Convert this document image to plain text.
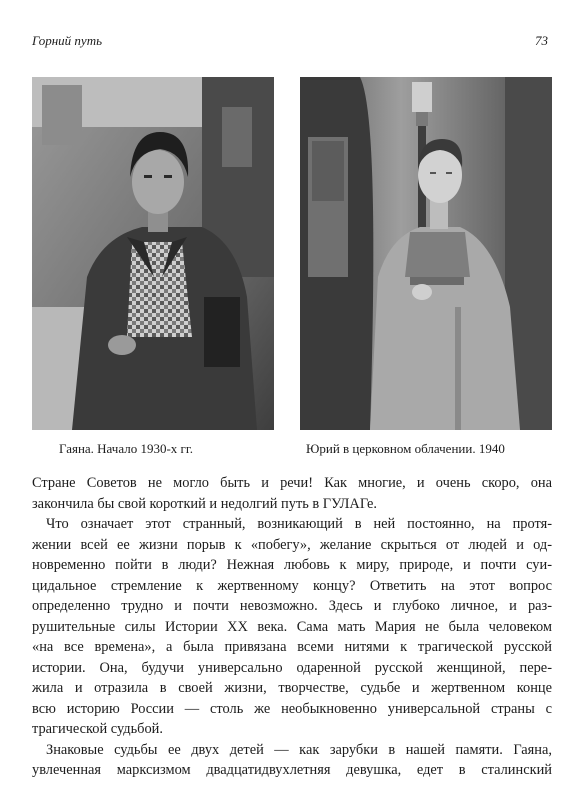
Горний путь	73
Гаяна. Начало 1930-х гг.	Юрий в церковном облачении. 1940
Стране Советов не могло быть и речи! Как многие, и очень скоро, она
закончила бы свой короткий и недолгий путь в ГУЛАГе.
Что означает этот странный, возникающий в ней постоянно, на протя-
жении всей ее жизни порыв к «побегу», желание скрыться от людей и од-
новременно пойти в люди? Нежная любовь к миру, природе, и почти суи-
цидальное стремление к жертвенному концу? Ответить на этот вопрос
определенно трудно и почти невозможно. Здесь и глубоко личное, и раз-
рушительные силы Истории XX века. Сама мать Мария не была человеком
«на все времена», а была привязана всеми нитями к трагической русской
истории. Она, будучи универсально одаренной русской женщиной, пере-
жила и отразила в своей жизни, творчестве, судьбе и жертвенном конце
всю историю России — столь же необыкновенно универсальной страны с
трагической судьбой.
Знаковые судьбы ее двух детей — как зарубки в нашей памяти. Гаяна,
увлеченная марксизмом двадцатидвухлетняя девушка, едет в сталинский
